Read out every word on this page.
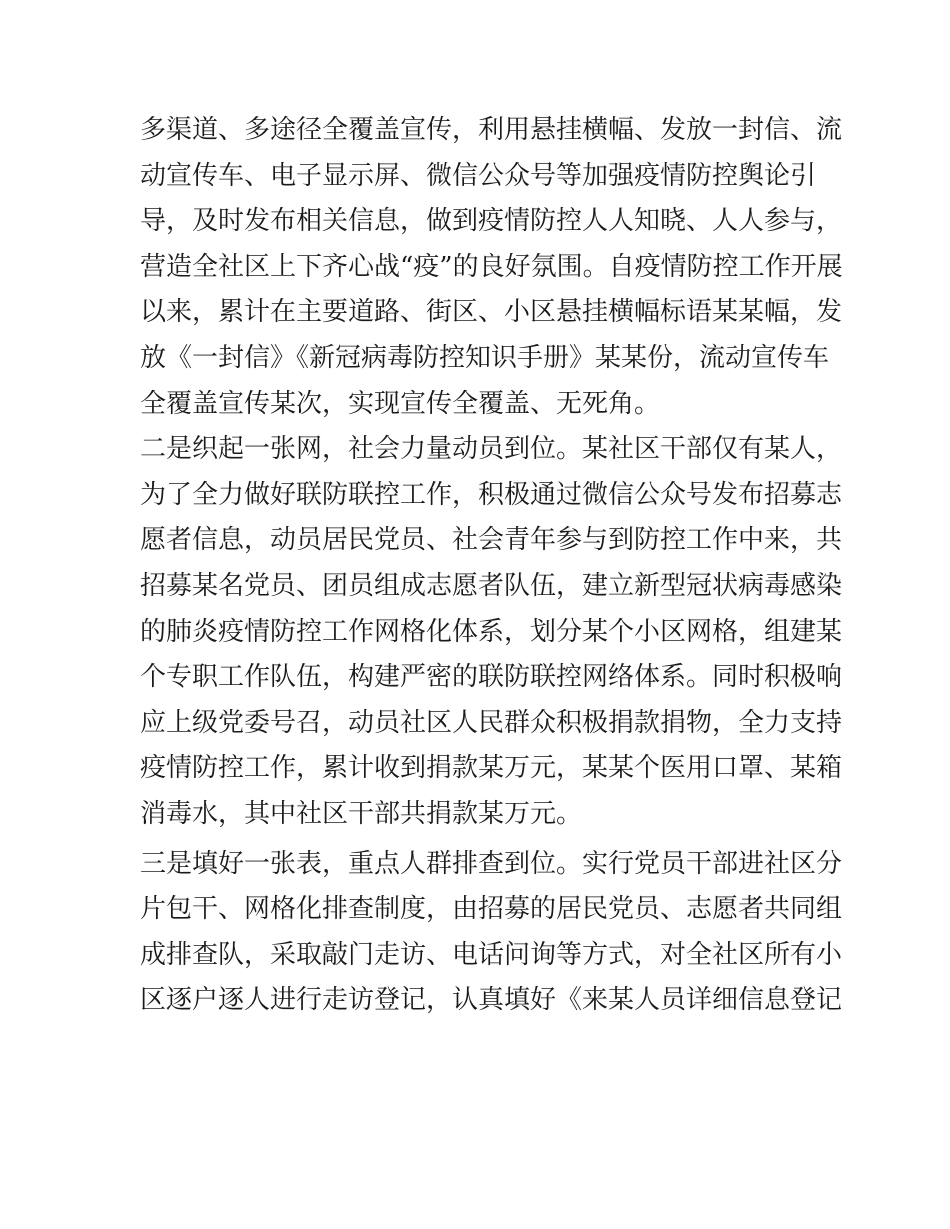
多渠道、多途径全覆盖宣传，利用悬挂横幅、发放一封信、流
动宣传车、电子显示屏、微信公众号等加强疫情防控舆论引
导，及时发布相关信息，做到疫情防控人人知晓、人人参与，
营造全社区上下齐心战“疫”的良好氛围。自疫情防控工作开展
以来，累计在主要道路、街区、小区悬挂横幅标语某某幅，发
放《一封信》《新冠病毒防控知识手册》某某份，流动宣传车
全覆盖宣传某次，实现宣传全覆盖、无死角。
二是织起一张网，社会力量动员到位。某社区干部仅有某人，
为了全力做好联防联控工作，积极通过微信公众号发布招募志
愿者信息，动员居民党员、社会青年参与到防控工作中来，共
招募某名党员、团员组成志愿者队伍，建立新型冠状病毒感染
的肺炎疫情防控工作网格化体系，划分某个小区网格，组建某
个专职工作队伍，构建严密的联防联控网络体系。同时积极响
应上级党委号召，动员社区人民群众积极捐款捐物，全力支持
疫情防控工作，累计收到捐款某万元，某某个医用口罩、某箱
消毒水，其中社区干部共捐款某万元。
三是填好一张表，重点人群排查到位。实行党员干部进社区分
片包干、网格化排查制度，由招募的居民党员、志愿者共同组
成排查队，采取敲门走访、电话问询等方式，对全社区所有小
区逐户逐人进行走访登记，认真填好《来某人员详细信息登记
